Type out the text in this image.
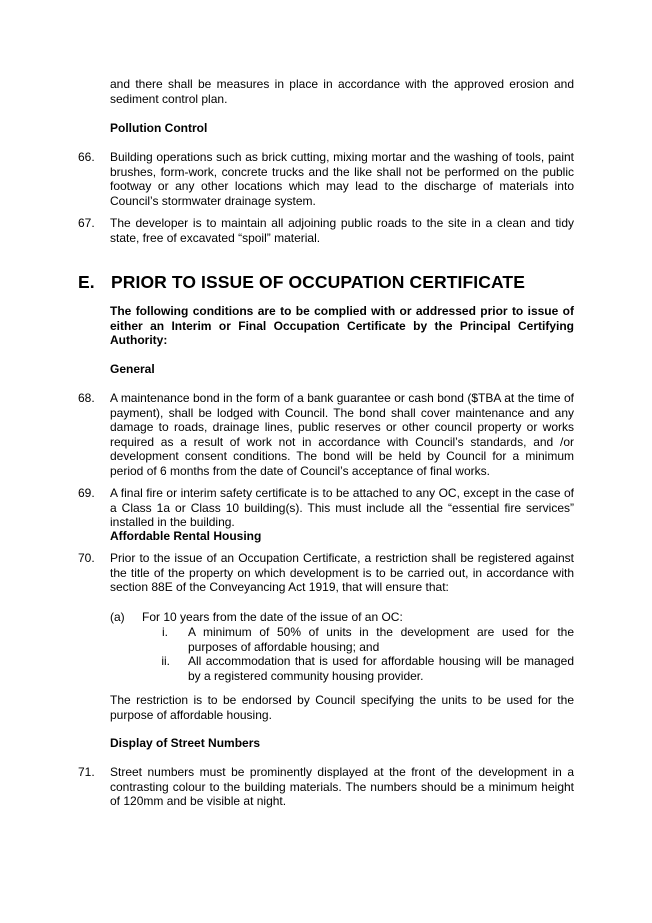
and there shall be measures in place in accordance with the approved erosion and sediment control plan.
Pollution Control
66. Building operations such as brick cutting, mixing mortar and the washing of tools, paint brushes, form-work, concrete trucks and the like shall not be performed on the public footway or any other locations which may lead to the discharge of materials into Council’s stormwater drainage system.
67. The developer is to maintain all adjoining public roads to the site in a clean and tidy state, free of excavated “spoil” material.
E. PRIOR TO ISSUE OF OCCUPATION CERTIFICATE
The following conditions are to be complied with or addressed prior to issue of either an Interim or Final Occupation Certificate by the Principal Certifying Authority:
General
68. A maintenance bond in the form of a bank guarantee or cash bond ($TBA at the time of payment), shall be lodged with Council. The bond shall cover maintenance and any damage to roads, drainage lines, public reserves or other council property or works required as a result of work not in accordance with Council’s standards, and /or development consent conditions. The bond will be held by Council for a minimum period of 6 months from the date of Council’s acceptance of final works.
69. A final fire or interim safety certificate is to be attached to any OC, except in the case of a Class 1a or Class 10 building(s). This must include all the “essential fire services” installed in the building.
Affordable Rental Housing
70. Prior to the issue of an Occupation Certificate, a restriction shall be registered against the title of the property on which development is to be carried out, in accordance with section 88E of the Conveyancing Act 1919, that will ensure that:
(a) For 10 years from the date of the issue of an OC:
i. A minimum of 50% of units in the development are used for the purposes of affordable housing; and
ii. All accommodation that is used for affordable housing will be managed by a registered community housing provider.
The restriction is to be endorsed by Council specifying the units to be used for the purpose of affordable housing.
Display of Street Numbers
71. Street numbers must be prominently displayed at the front of the development in a contrasting colour to the building materials. The numbers should be a minimum height of 120mm and be visible at night.
